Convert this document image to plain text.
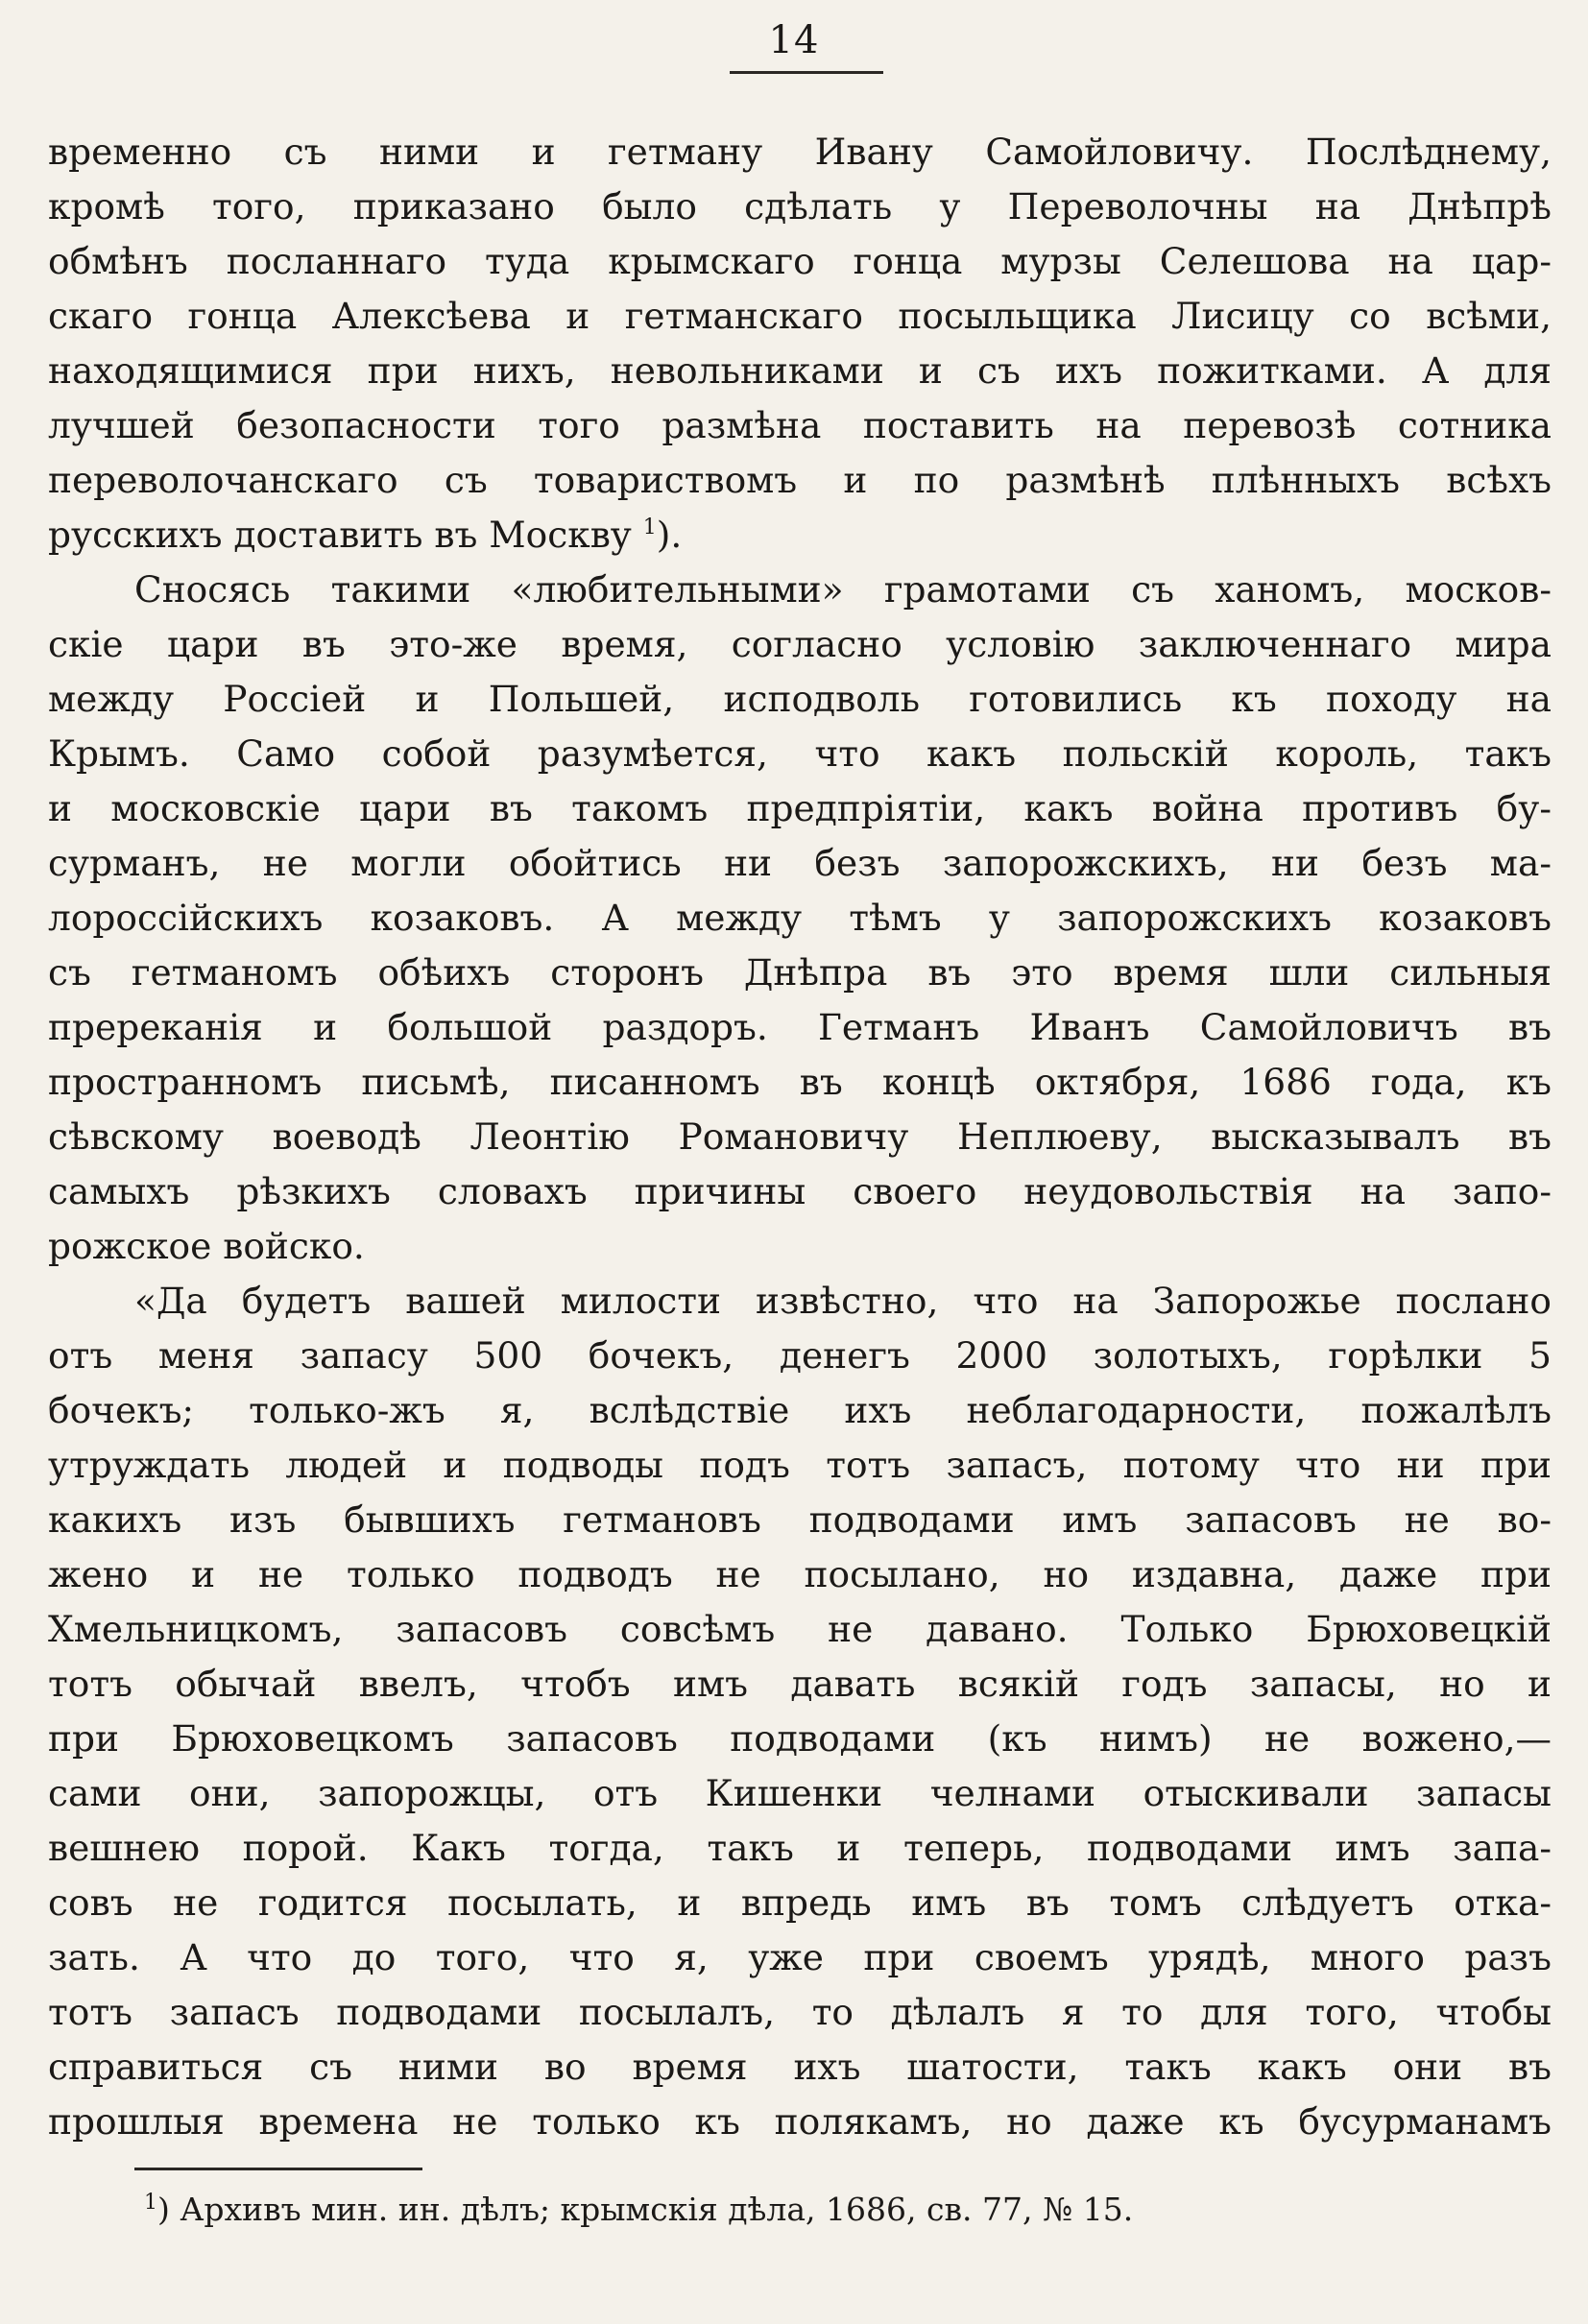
14
временно съ ними и гетману Ивану Самойловичу. Послѣднему,
кромѣ того, приказано было сдѣлать у Переволочны на Днѣпрѣ
обмѣнъ посланнаго туда крымскаго гонца мурзы Селешова на цар-
скаго гонца Алексѣева и гетманскаго посыльщика Лисицу со всѣми,
находящимися при нихъ, невольниками и съ ихъ пожитками. А для
лучшей безопасности того размѣна поставить на перевозѣ сотника
переволочанскаго съ товариствомъ и по размѣнѣ плѣнныхъ всѣхъ
русскихъ доставить въ Москву $^1$).
Сносясь такими «любительными» грамотами съ ханомъ, москов-
скіе цари въ это-же время, согласно условію заключеннаго мира
между Россіей и Польшей, исподволь готовились къ походу на
Крымъ. Само собой разумѣется, что какъ польскій король, такъ
и московскіе цари въ такомъ предпріятіи, какъ война противъ бу-
сурманъ, не могли обойтись ни безъ запорожскихъ, ни безъ ма-
лороссійскихъ козаковъ. А между тѣмъ у запорожскихъ козаковъ
съ гетманомъ обѣихъ сторонъ Днѣпра въ это время шли сильныя
пререканія и большой раздоръ. Гетманъ Иванъ Самойловичъ въ
пространномъ письмѣ, писанномъ въ концѣ октября, 1686 года, къ
сѣвскому воеводѣ Леонтію Романовичу Неплюеву, высказывалъ въ
самыхъ рѣзкихъ словахъ причины своего неудовольствія на запо-
рожское войско.
«Да будетъ вашей милости извѣстно, что на Запорожье послано
отъ меня запасу 500 бочекъ, денегъ 2000 золотыхъ, горѣлки 5
бочекъ; только-жъ я, вслѣдствіе ихъ неблагодарности, пожалѣлъ
утруждать людей и подводы подъ тотъ запасъ, потому что ни при
какихъ изъ бывшихъ гетмановъ подводами имъ запасовъ не во-
жено и не только подводъ не посылано, но издавна, даже при
Хмельницкомъ, запасовъ совсѣмъ не давано. Только Брюховецкій
тотъ обычай ввелъ, чтобъ имъ давать всякій годъ запасы, но и
при Брюховецкомъ запасовъ подводами (къ нимъ) не вожено,—
сами они, запорожцы, отъ Кишенки челнами отыскивали запасы
вешнею порой. Какъ тогда, такъ и теперь, подводами имъ запа-
совъ не годится посылать, и впредь имъ въ томъ слѣдуетъ отка-
зать. А что до того, что я, уже при своемъ урядѣ, много разъ
тотъ запасъ подводами посылалъ, то дѣлалъ я то для того, чтобы
справиться съ ними во время ихъ шатости, такъ какъ они въ
прошлыя времена не только къ полякамъ, но даже къ бусурманамъ
$^1$) Архивъ мин. ин. дѣлъ; крымскія дѣла, 1686, св. 77, № 15.
